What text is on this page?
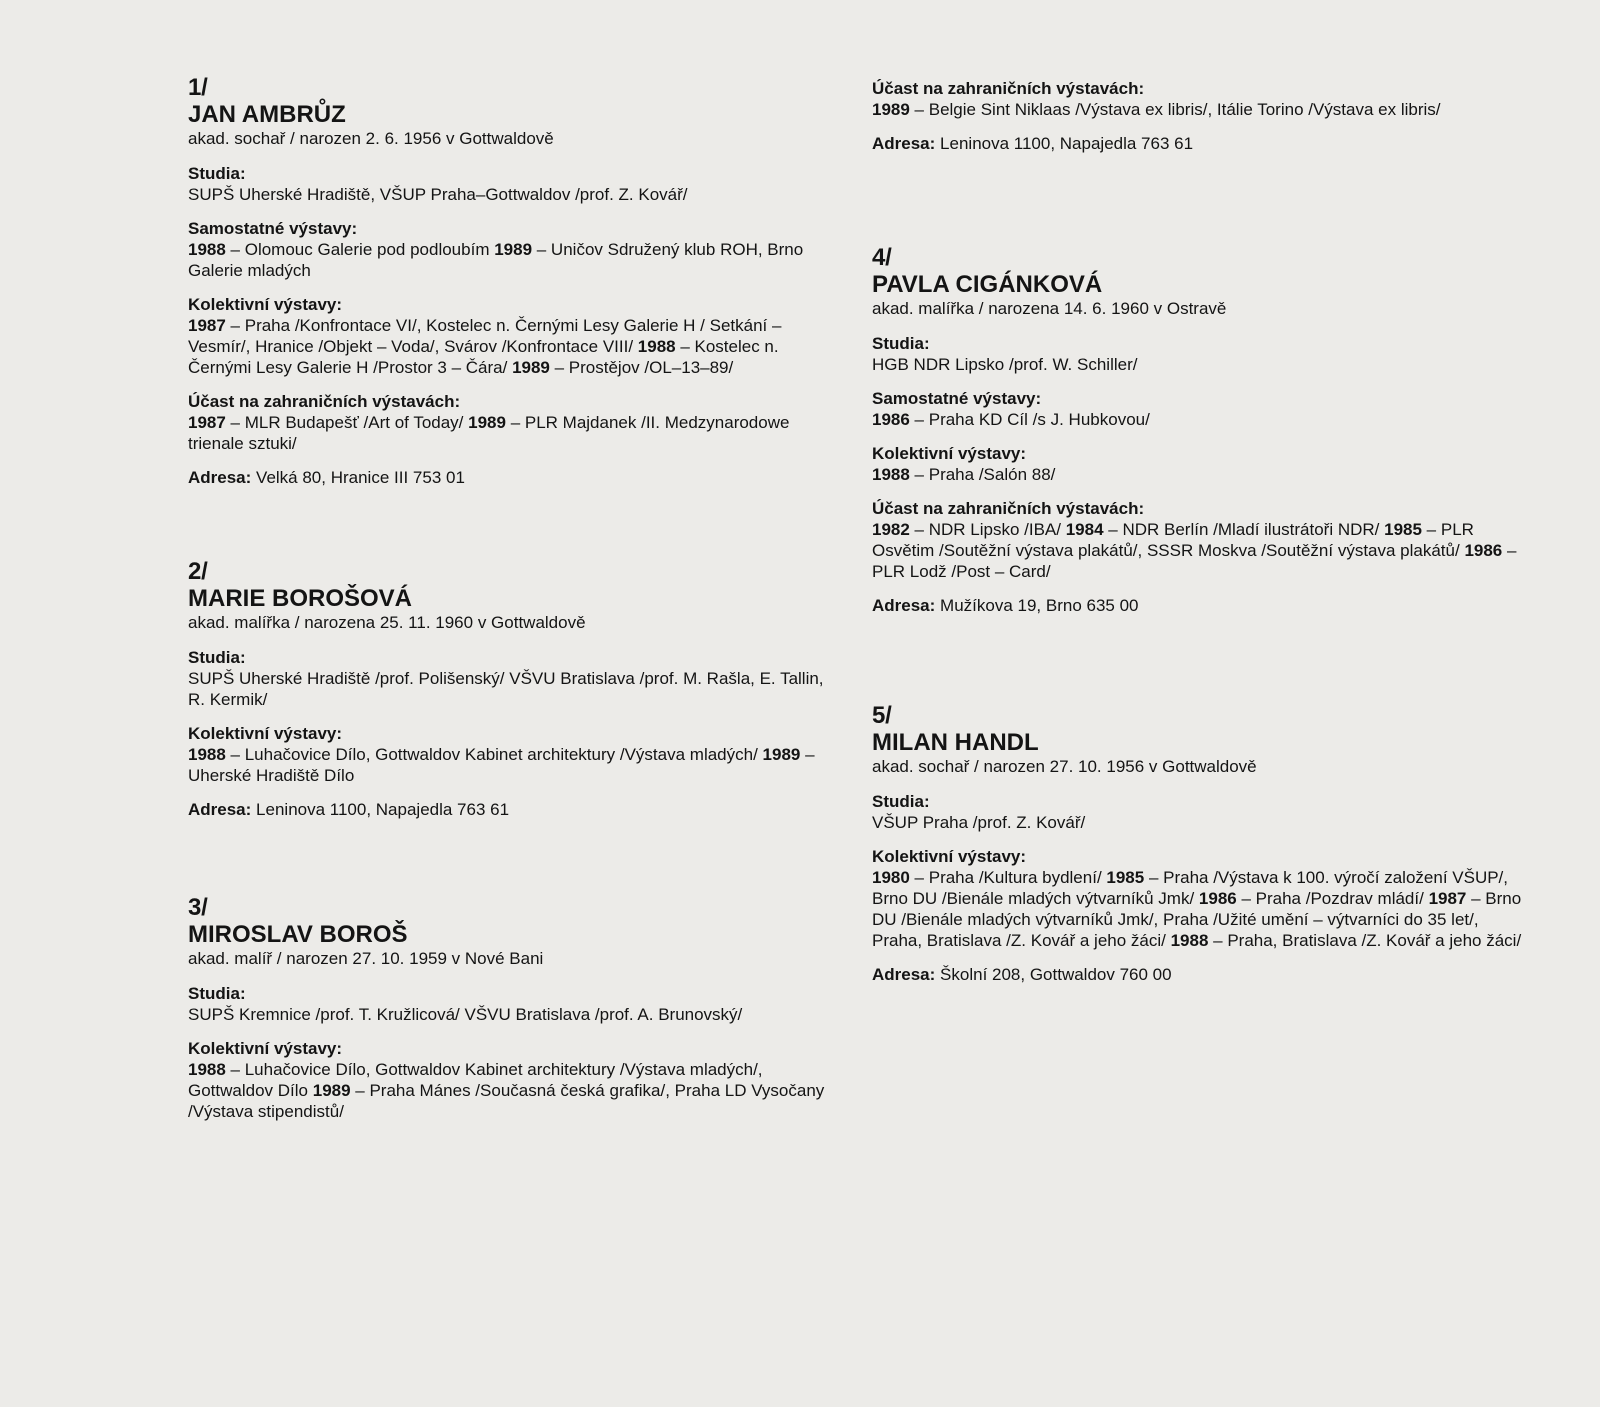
1/
JAN AMBRŮZ
akad. sochař / narozen 2. 6. 1956 v Gottwaldově
Studia:
SUPŠ Uherské Hradiště, VŠUP Praha–Gottwaldov /prof. Z. Kovář/
Samostatné výstavy:
1988 – Olomouc Galerie pod podloubím 1989 – Uničov Sdružený klub ROH, Brno Galerie mladých
Kolektivní výstavy:
1987 – Praha /Konfrontace VI/, Kostelec n. Černými Lesy Galerie H / Setkání – Vesmír/, Hranice /Objekt – Voda/, Svárov /Konfrontace VIII/ 1988 – Kostelec n. Černými Lesy Galerie H /Prostor 3 – Čára/ 1989 – Prostějov /OL–13–89/
Účast na zahraničních výstavách:
1987 – MLR Budapešť /Art of Today/ 1989 – PLR Majdanek /II. Medzynarodowe trienale sztuki/
Adresa: Velká 80, Hranice III 753 01
2/
MARIE BOROŠOVÁ
akad. malířka / narozena 25. 11. 1960 v Gottwaldově
Studia:
SUPŠ Uherské Hradiště /prof. Polišenský/ VŠVU Bratislava /prof. M. Rašla, E. Tallin, R. Kermik/
Kolektivní výstavy:
1988 – Luhačovice Dílo, Gottwaldov Kabinet architektury /Výstava mladých/ 1989 – Uherské Hradiště Dílo
Adresa: Leninova 1100, Napajedla 763 61
3/
MIROSLAV BOROŠ
akad. malíř / narozen 27. 10. 1959 v Nové Bani
Studia:
SUPŠ Kremnice /prof. T. Kružlicová/ VŠVU Bratislava /prof. A. Brunovský/
Kolektivní výstavy:
1988 – Luhačovice Dílo, Gottwaldov Kabinet architektury /Výstava mladých/, Gottwaldov Dílo 1989 – Praha Mánes /Současná česká grafika/, Praha LD Vysočany /Výstava stipendistů/
Účast na zahraničních výstavách:
1989 – Belgie Sint Niklaas /Výstava ex libris/, Itálie Torino /Výstava ex libris/
Adresa: Leninova 1100, Napajedla 763 61
4/
PAVLA CIGÁNKOVÁ
akad. malířka / narozena 14. 6. 1960 v Ostravě
Studia:
HGB NDR Lipsko /prof. W. Schiller/
Samostatné výstavy:
1986 – Praha KD Cíl /s J. Hubkovou/
Kolektivní výstavy:
1988 – Praha /Salón 88/
Účast na zahraničních výstavách:
1982 – NDR Lipsko /IBA/ 1984 – NDR Berlín /Mladí ilustrátoři NDR/ 1985 – PLR Osvětim /Soutěžní výstava plakátů/, SSSR Moskva /Soutěžní výstava plakátů/ 1986 – PLR Lodž /Post – Card/
Adresa: Mužíkova 19, Brno 635 00
5/
MILAN HANDL
akad. sochař / narozen 27. 10. 1956 v Gottwaldově
Studia:
VŠUP Praha /prof. Z. Kovář/
Kolektivní výstavy:
1980 – Praha /Kultura bydlení/ 1985 – Praha /Výstava k 100. výročí založení VŠUP/, Brno DU /Bienále mladých výtvarníků Jmk/ 1986 – Praha /Pozdrav mládí/ 1987 – Brno DU /Bienále mladých výtvarníků Jmk/, Praha /Užité umění – výtvarníci do 35 let/, Praha, Bratislava /Z. Kovář a jeho žáci/ 1988 – Praha, Bratislava /Z. Kovář a jeho žáci/
Adresa: Školní 208, Gottwaldov 760 00
